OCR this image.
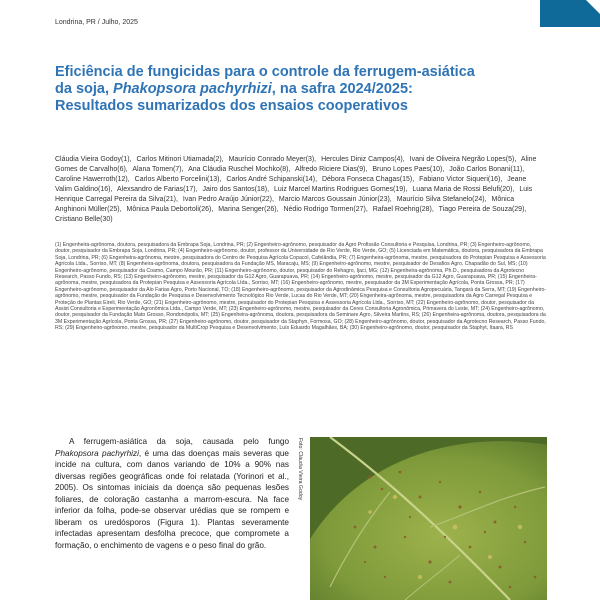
Londrina, PR / Julho, 2025
Eficiência de fungicidas para o controle da ferrugem-asiática da soja, Phakopsora pachyrhizi, na safra 2024/2025: Resultados sumarizados dos ensaios cooperativos
Cláudia Vieira Godoy(1), Carlos Mitinori Utiamada(2), Maurício Conrado Meyer(3), Hercules Diniz Campos(4), Ivani de Oliveira Negrão Lopes(5), Aline Gomes de Carvalho(6), Alana Tomen(7), Ana Cláudia Ruschel Mochko(8), Alfredo Riciere Dias(9), Bruno Lopes Paes(10), João Carlos Bonani(11), Caroline Hawerroth(12), Carlos Alberto Forcelini(13), Carlos André Schipanski(14), Débora Fonseca Chagas(15), Fabiano Victor Siqueri(16), Jeane Valim Galdino(16), Alexsandro de Farias(17), Jairo dos Santos(18), Luiz Marcel Martins Rodrigues Gomes(19), Luana Maria de Rossi Belufi(20), Luis Henrique Carregal Pereira da Silva(21), Ivan Pedro Araújo Júnior(22), Marcio Marcos Goussain Júnior(23), Maurício Silva Stefanelo(24), Mônica Anghinoni Müller(25), Mônica Paula Debortoli(26), Marina Senger(26), Nédio Rodrigo Tormen(27), Rafael Roehrig(28), Tiago Pereira de Souza(29), Cristiano Belle(30)
(1) Engenheira-agrônoma, doutora, pesquisadora da Embrapa Soja, Londrina, PR; (2) Engenheiro-agrônomo, pesquisador da Agro Profissão Consultoria e Pesquisa, Londrina, PR; (3) Engenheiro-agrônomo, doutor, pesquisador da Embrapa Soja, Londrina, PR; (4) Engenheiro-agrônomo, doutor, professor da Universidade de Rio Verde, Rio Verde, GO; (5) Licenciada em Matemática, doutora, pesquisadora da Embrapa Soja, Londrina, PR; (6) Engenheira-agrônoma, mestre, pesquisadora do Centro de Pesquisa Agrícola Copacol, Cafelândia, PR; (7) Engenheira-agrônoma, mestre, pesquisadora do Protepian Pesquisa e Assessoria Agrícola Ltda., Sorriso, MT; (8) Engenheira-agrônoma, doutora, pesquisadora da Fundação MS, Maracaju, MS; (9) Engenheiro-agrônomo, mestre, pesquisador de Desafios Agro, Chapadão do Sul, MS; (10) Engenheiro-agrônomo, pesquisador da Coamo, Campo Mourão, PR; (11) Engenheiro-agrônomo, doutor, pesquisador do Rehagro, Ijaci, MG; (12) Engenheira-agrônoma, Ph.D., pesquisadora da Agrotecno Research, Passo Fundo, RS; (13) Engenheiro-agrônomo, mestre, pesquisador da G12 Agro, Guarapuava, PR; (14) Engenheiro-agrônomo, mestre, pesquisador da G12 Agro, Guarapuava, PR; (15) Engenheira-agrônoma, mestre, pesquisadora da Protepian Pesquisa e Assessoria Agrícola Ltda., Sorriso, MT; (16) Engenheiro-agrônomo, mestre, pesquisador da 3M Experimentação Agrícola, Ponta Grossa, PR; (17) Engenheiro-agrônomo, pesquisador da Alo Farias Agro, Porto Nacional, TO; (18) Engenheiro-agrônomo, pesquisador da Agrodinâmica Pesquisa e Consultoria Agropecuária, Tangará da Serra, MT; (19) Engenheiro-agrônomo, mestre, pesquisador da Fundação de Pesquisa e Desenvolvimento Tecnológico Rio Verde, Lucas do Rio Verde, MT; (20) Engenheira-agrônoma, mestre, pesquisadora da Agro Carregal Pesquisa e Proteção de Plantas Eireli, Rio Verde, GO; (21) Engenheiro-agrônomo, mestre, pesquisador do Protepian Pesquisa e Assessoria Agrícola Ltda., Sorriso, MT; (22) Engenheiro-agrônomo, doutor, pesquisador da Assist Consultoria e Experimentação Agronômica Ltda., Campo Verde, MT; (23) Engenheiro-agrônomo, mestre, pesquisador da Ceres Consultoria Agronômica, Primavera do Leste, MT; (24) Engenheiro-agrônomo, doutor, pesquisador da Fundação Mato Grosso, Rondonópolis, MT; (25) Engenheira-agrônoma, doutora, pesquisadora da Seminare Agro, Silveira Martins, RS; (26) Engenheira-agrônoma, doutora, pesquisadora da 3M Experimentação Agrícola, Ponta Grossa, PR; (27) Engenheiro-agrônomo, doutor, pesquisador da Staphyn, Formosa, GO; (28) Engenheiro-agrônomo, doutor, pesquisador da Agrotecno Research, Passo Fundo, RS; (29) Engenheiro-agrônomo, mestre, pesquisador da MultiCrop Pesquisa e Desenvolvimento, Luís Eduardo Magalhães, BA; (30) Engenheiro-agrônomo, doutor, pesquisador da Staphyt, Itaara, RS

A ferrugem-asiática da soja, causada pelo fungo Phakopsora pachyrhizi, é uma das doenças mais severas que incide na cultura, com danos variando de 10% a 90% nas diversas regiões geográficas onde foi relatada (Yorinori et al., 2005). Os sintomas iniciais da doença são pequenas lesões foliares, de coloração castanha a marrom-escura. Na face inferior da folha, pode-se observar urédias que se rompem e liberam os uredósporos (Figura 1). Plantas severamente infectadas apresentam desfolha precoce, que compromete a formação, o enchimento de vagens e o peso final do grão.

Foto: Cláudia Vieira Godoy
